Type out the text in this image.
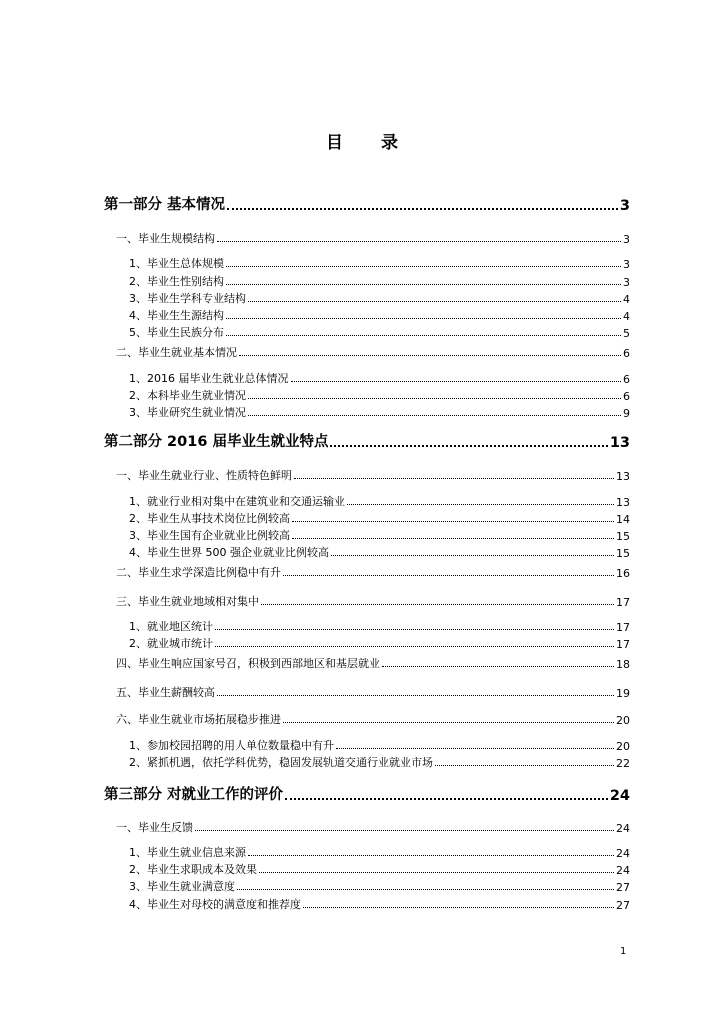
目 录
第一部分 基本情况	3
一、毕业生规模结构	3
1、毕业生总体规模	3
2、毕业生性别结构	3
3、毕业生学科专业结构	4
4、毕业生生源结构	4
5、毕业生民族分布	5
二、毕业生就业基本情况	6
1、2016 届毕业生就业总体情况	6
2、本科毕业生就业情况	6
3、毕业研究生就业情况	9
第二部分 2016 届毕业生就业特点	13
一、毕业生就业行业、性质特色鲜明	13
1、就业行业相对集中在建筑业和交通运输业	13
2、毕业生从事技术岗位比例较高	14
3、毕业生国有企业就业比例较高	15
4、毕业生世界 500 强企业就业比例较高	15
二、毕业生求学深造比例稳中有升	16
三、毕业生就业地域相对集中	17
1、就业地区统计	17
2、就业城市统计	17
四、毕业生响应国家号召，积极到西部地区和基层就业	18
五、毕业生薪酬较高	19
六、毕业生就业市场拓展稳步推进	20
1、参加校园招聘的用人单位数量稳中有升	20
2、紧抓机遇，依托学科优势，稳固发展轨道交通行业就业市场	22
第三部分 对就业工作的评价	24
一、毕业生反馈	24
1、毕业生就业信息来源	24
2、毕业生求职成本及效果	24
3、毕业生就业满意度	27
4、毕业生对母校的满意度和推荐度	27
1
